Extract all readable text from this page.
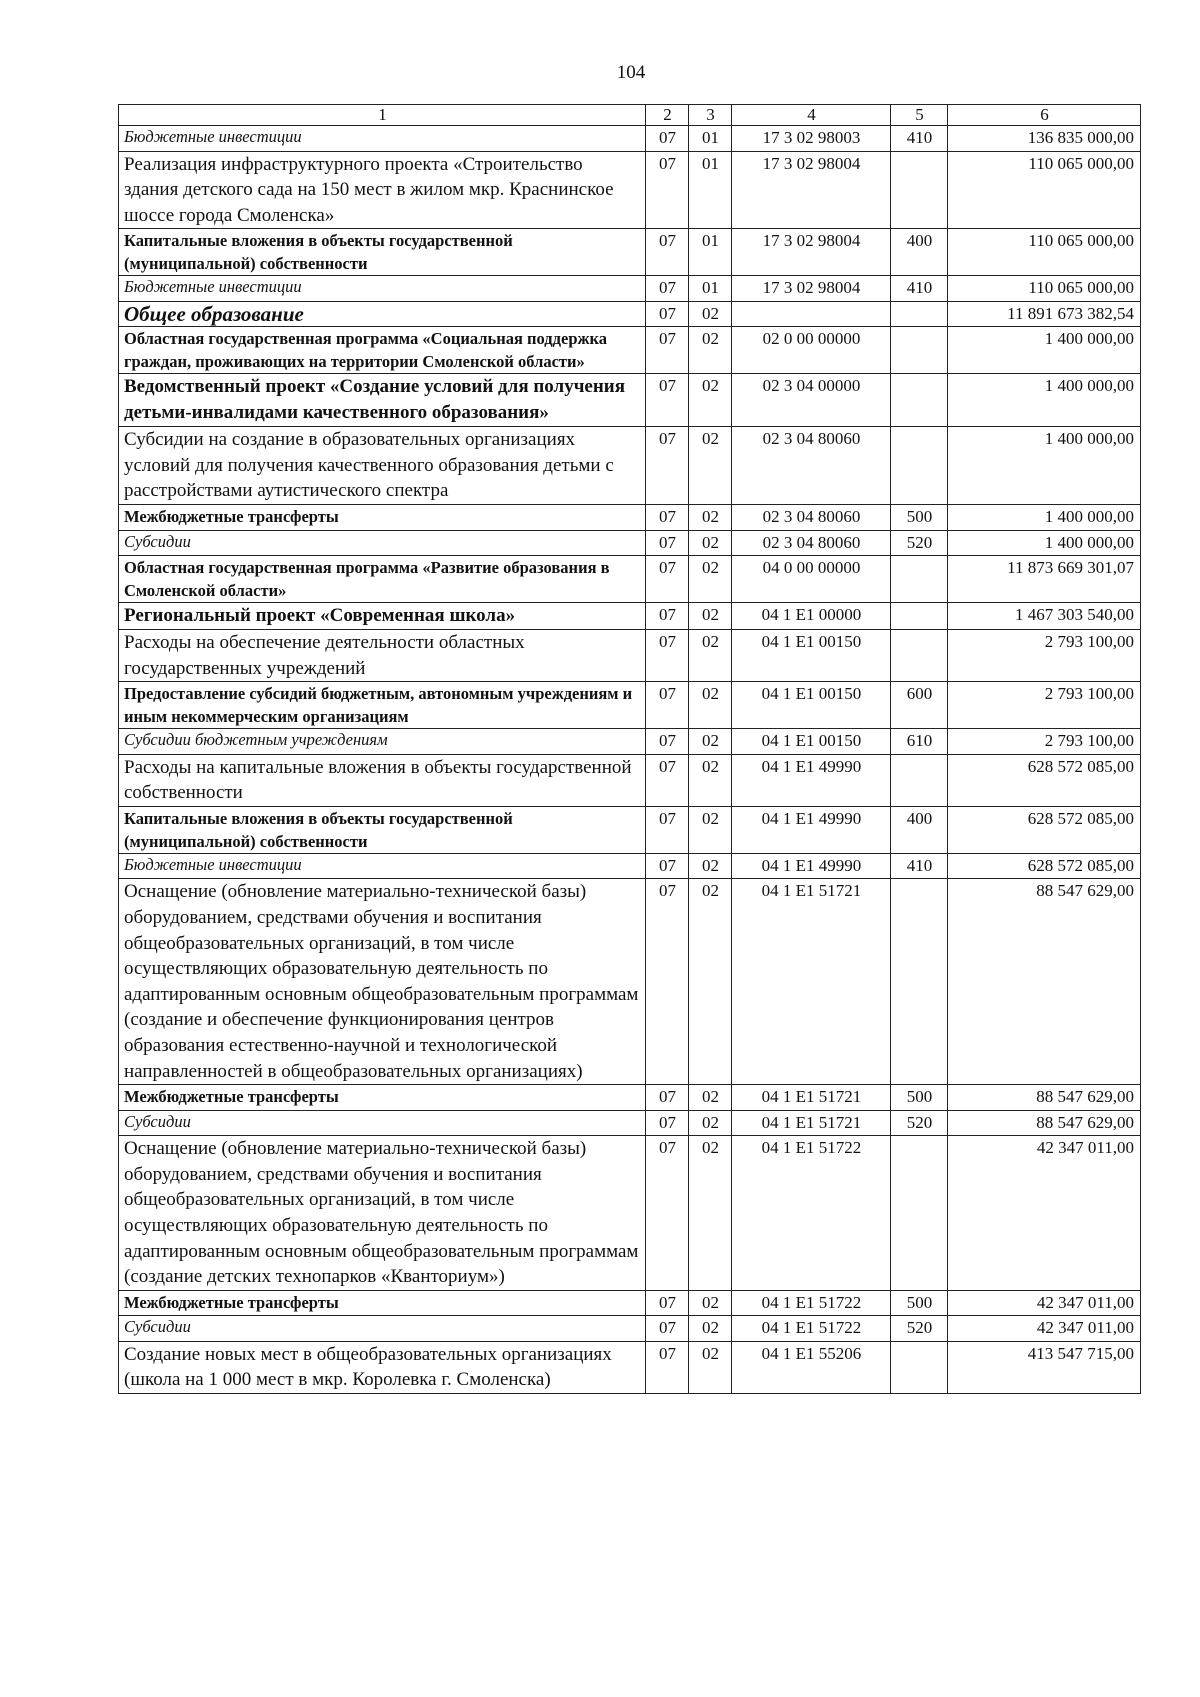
104
1	2	3	4	5	6
Бюджетные инвестиции	07	01	17 3 02 98003	410	136 835 000,00
Реализация инфраструктурного проекта «Строительство здания детского сада на 150 мест в жилом мкр. Краснинское шоссе города Смоленска»	07	01	17 3 02 98004		110 065 000,00
Капитальные вложения в объекты государственной (муниципальной) собственности	07	01	17 3 02 98004	400	110 065 000,00
Бюджетные инвестиции	07	01	17 3 02 98004	410	110 065 000,00
Общее образование	07	02			11 891 673 382,54
Областная государственная программа «Социальная поддержка граждан, проживающих на территории Смоленской области»	07	02	02 0 00 00000		1 400 000,00
Ведомственный проект «Создание условий для получения детьми-инвалидами качественного образования»	07	02	02 3 04 00000		1 400 000,00
Субсидии на создание в образовательных организациях условий для получения качественного образования детьми с расстройствами аутистического спектра	07	02	02 3 04 80060		1 400 000,00
Межбюджетные трансферты	07	02	02 3 04 80060	500	1 400 000,00
Субсидии	07	02	02 3 04 80060	520	1 400 000,00
Областная государственная программа «Развитие образования в Смоленской области»	07	02	04 0 00 00000		11 873 669 301,07
Региональный проект «Современная школа»	07	02	04 1 E1 00000		1 467 303 540,00
Расходы на обеспечение деятельности областных государственных учреждений	07	02	04 1 E1 00150		2 793 100,00
Предоставление субсидий бюджетным, автономным учреждениям и иным некоммерческим организациям	07	02	04 1 E1 00150	600	2 793 100,00
Субсидии бюджетным учреждениям	07	02	04 1 E1 00150	610	2 793 100,00
Расходы на капитальные вложения в объекты государственной собственности	07	02	04 1 E1 49990		628 572 085,00
Капитальные вложения в объекты государственной (муниципальной) собственности	07	02	04 1 E1 49990	400	628 572 085,00
Бюджетные инвестиции	07	02	04 1 E1 49990	410	628 572 085,00
Оснащение (обновление материально-технической базы) оборудованием, средствами обучения и воспитания общеобразовательных организаций, в том числе осуществляющих образовательную деятельность по адаптированным основным общеобразовательным программам (создание и обеспечение функционирования центров образования естественно-научной и технологической направленностей в общеобразовательных организациях)	07	02	04 1 E1 51721		88 547 629,00
Межбюджетные трансферты	07	02	04 1 E1 51721	500	88 547 629,00
Субсидии	07	02	04 1 E1 51721	520	88 547 629,00
Оснащение (обновление материально-технической базы) оборудованием, средствами обучения и воспитания общеобразовательных организаций, в том числе осуществляющих образовательную деятельность по адаптированным основным общеобразовательным программам (создание детских технопарков «Кванториум»)	07	02	04 1 E1 51722		42 347 011,00
Межбюджетные трансферты	07	02	04 1 E1 51722	500	42 347 011,00
Субсидии	07	02	04 1 E1 51722	520	42 347 011,00
Создание новых мест в общеобразовательных организациях (школа на 1 000 мест в мкр. Королевка г. Смоленска)	07	02	04 1 E1 55206		413 547 715,00
